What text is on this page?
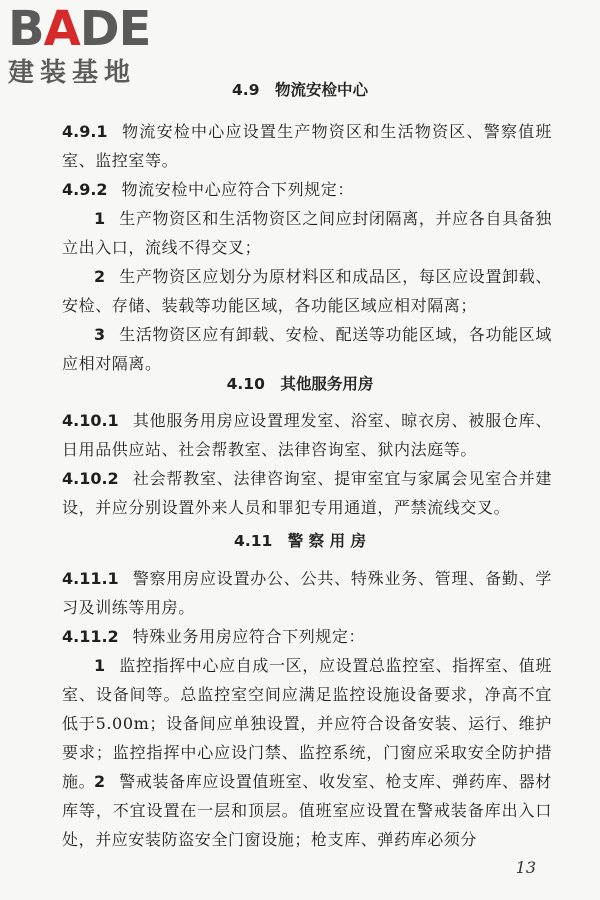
BADE
建装基地
4.9　物流安检中心
4.9.1 物流安检中心应设置生产物资区和生活物资区、警察值班室、监控室等。
4.9.2 物流安检中心应符合下列规定：
1 生产物资区和生活物资区之间应封闭隔离，并应各自具备独立出入口，流线不得交叉；
2 生产物资区应划分为原材料区和成品区，每区应设置卸载、安检、存储、装载等功能区域，各功能区域应相对隔离；
3 生活物资区应有卸载、安检、配送等功能区域，各功能区域应相对隔离。
4.10　其他服务用房
4.10.1 其他服务用房应设置理发室、浴室、晾衣房、被服仓库、日用品供应站、社会帮教室、法律咨询室、狱内法庭等。
4.10.2 社会帮教室、法律咨询室、提审室宜与家属会见室合并建设，并应分别设置外来人员和罪犯专用通道，严禁流线交叉。
4.11　警 察 用 房
4.11.1 警察用房应设置办公、公共、特殊业务、管理、备勤、学习及训练等用房。
4.11.2 特殊业务用房应符合下列规定：
1 监控指挥中心应自成一区，应设置总监控室、指挥室、值班室、设备间等。总监控室空间应满足监控设施设备要求，净高不宜低于5.00m；设备间应单独设置，并应符合设备安装、运行、维护要求；监控指挥中心应设门禁、监控系统，门窗应采取安全防护措施。
2 警戒装备库应设置值班室、收发室、枪支库、弹药库、器材库等，不宜设置在一层和顶层。值班室应设置在警戒装备库出入口处，并应安装防盗安全门窗设施；枪支库、弹药库必须分
13
